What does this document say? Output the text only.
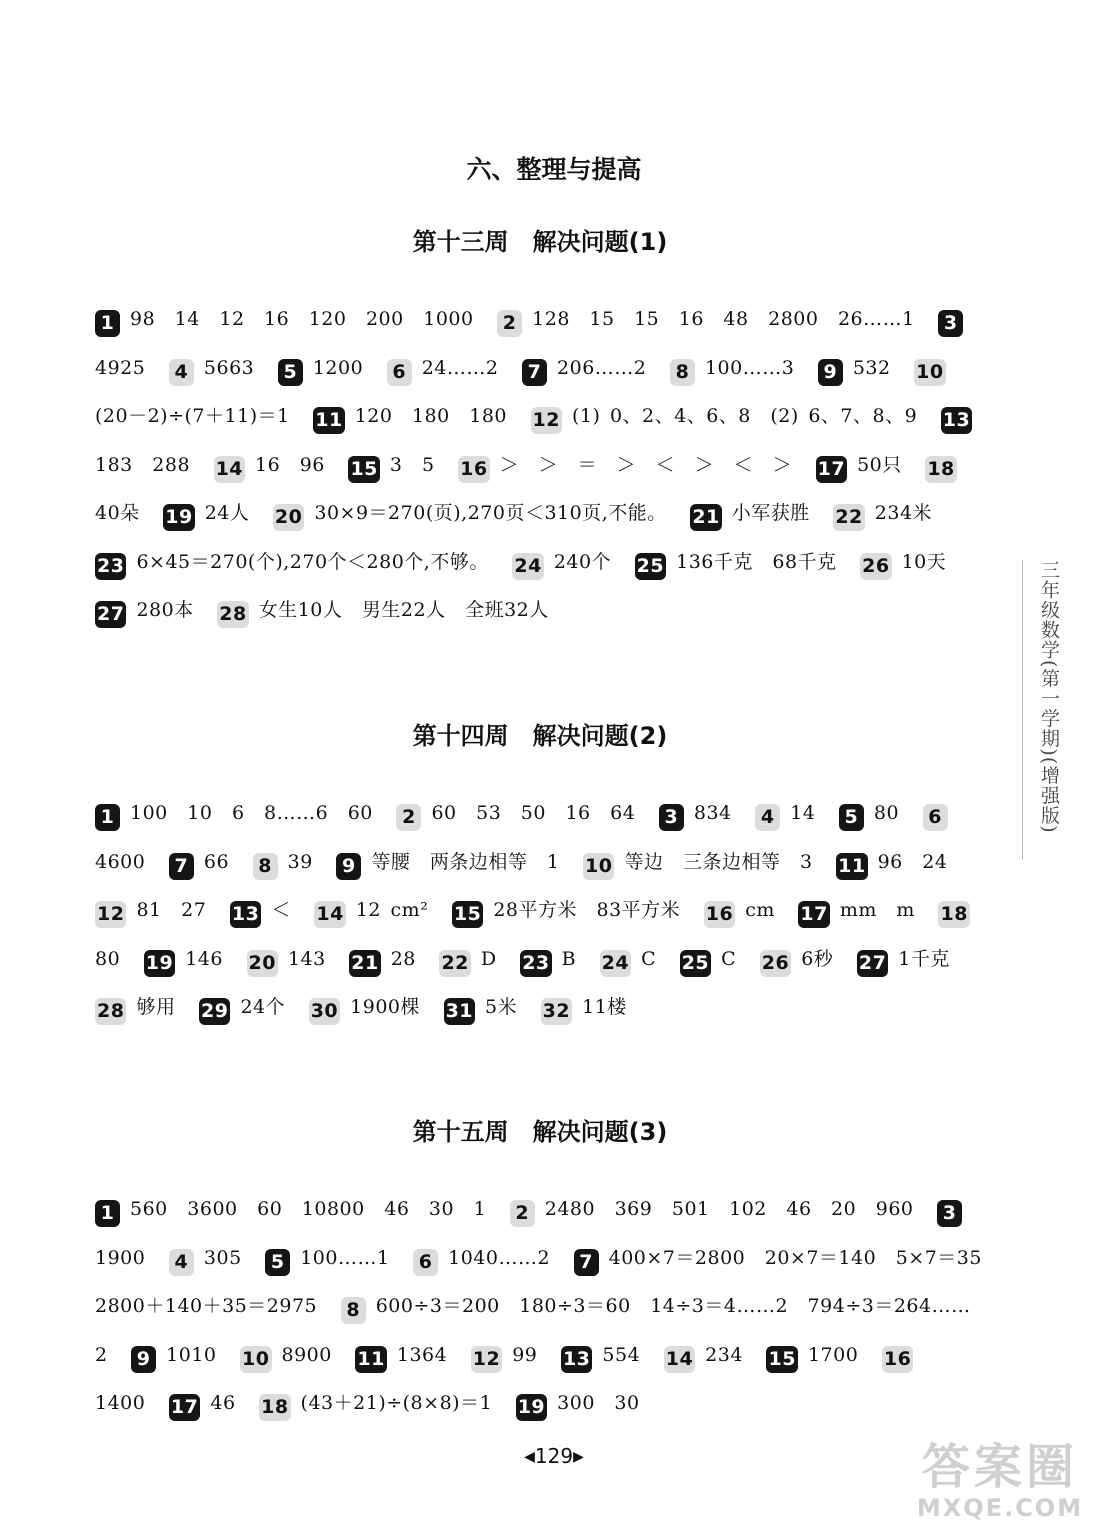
六、整理与提高
第十三周　解决问题(1)
1 98　14　12　16　120　200　1000 2 128　15　15　16　48　2800　26……1 34925 4 5663 5 1200 6 24……2 7 206……2 8 100……3 9 532 10(20－2)÷(7＋11)＝1 11 120　180　180 12 (1) 0、2、4、6、8　(2) 6、7、8、9 13183　288 14 16　96 15 3　5 16 ＞　＞　＝　＞　＜　＞　＜　＞ 17 50只 1840朵 19 24人 20 30×9＝270(页),270页＜310页,不能。 21 小军获胜 22 234米 23 6×45＝270(个),270个＜280个,不够。 24 240个 25 136千克　68千克 26 10天 27 280本 28 女生10人　男生22人　全班32人
第十四周　解决问题(2)
1 100　10　6　8……6　60 2 60　53　50　16　64 3 834 4 14 5 80 64600 7 66 8 39 9 等腰　两条边相等　1 10 等边　三条边相等　3 11 96　24 12 81　27 13 ＜ 14 12 cm² 15 28平方米　83平方米 16 cm 17 mm　m 1880 19 146 20 143 21 28 22 D 23 B 24 C 25 C 26 6秒 27 1千克 28 够用 29 24个 30 1900棵 31 5米 32 11楼
第十五周　解决问题(3)
1 560　3600　60　10800　46　30　1 2 2480　369　501　102　46　20　960 31900 4 305 5 100……1 6 1040……2 7 400×7＝2800　20×7＝140　5×7＝35　2800＋140＋35＝2975 8 600÷3＝200　180÷3＝60　14÷3＝4……2　794÷3＝264……2 9 1010 10 8900 11 1364 12 99 13 554 14 234 15 1700 161400 17 46 18 (43＋21)÷(8×8)＝1 19 300　30
三年级数学(第一学期)(增强版)
◀129▶	答案圈
MXQE.COM
